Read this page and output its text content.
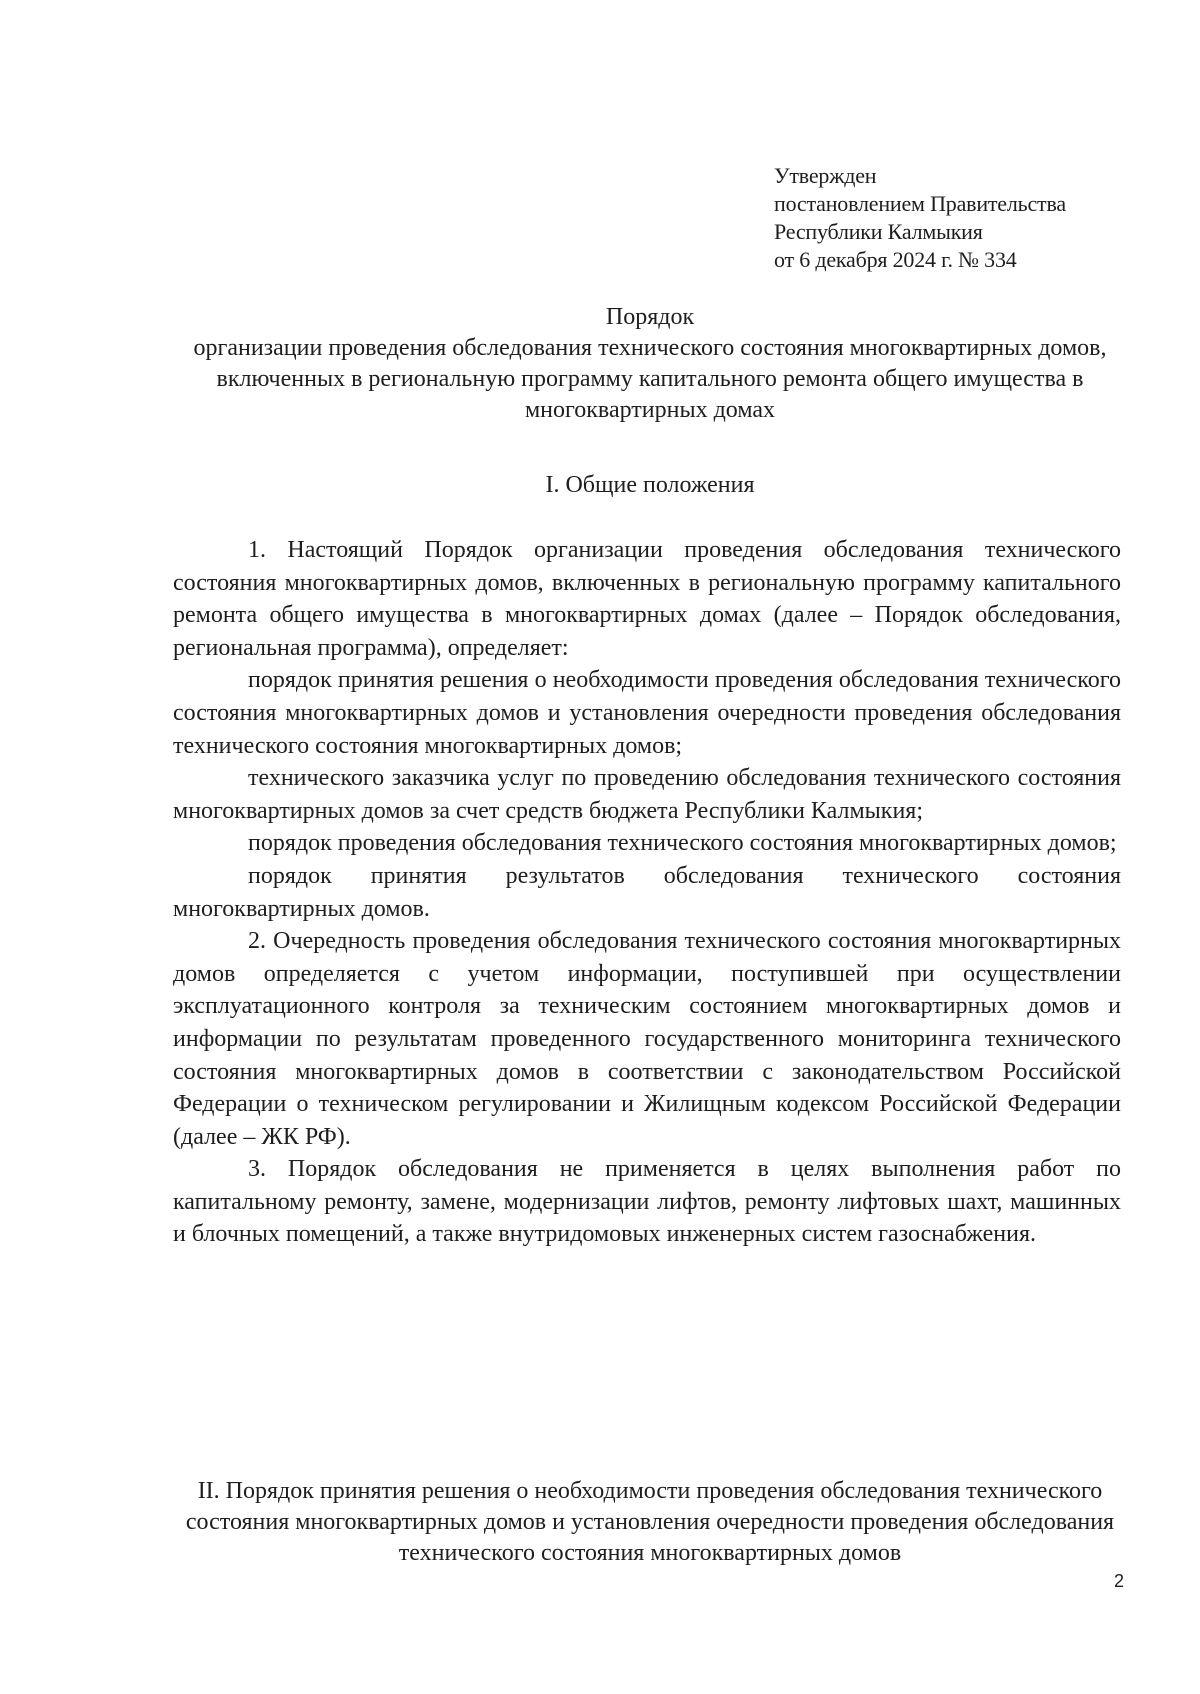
Утвержден
постановлением Правительства
Республики Калмыкия
от 6 декабря 2024 г. № 334
Порядок
организации проведения обследования технического состояния многоквартирных домов, включенных в региональную программу капитального ремонта общего имущества в многоквартирных домах
I. Общие положения

1. Настоящий Порядок организации проведения обследования технического состояния многоквартирных домов, включенных в региональную программу капитального ремонта общего имущества в многоквартирных домах (далее – Порядок обследования, региональная программа), определяет:

порядок принятия решения о необходимости проведения обследования технического состояния многоквартирных домов и установления очередности проведения обследования технического состояния многоквартирных домов;

технического заказчика услуг по проведению обследования технического состояния многоквартирных домов за счет средств бюджета Республики Калмыкия;

порядок проведения обследования технического состояния многоквартирных домов;

порядок принятия результатов обследования технического состояния многоквартирных домов.

2. Очередность проведения обследования технического состояния многоквартирных домов определяется с учетом информации, поступившей при осуществлении эксплуатационного контроля за техническим состоянием многоквартирных домов и информации по результатам проведенного государственного мониторинга технического состояния многоквартирных домов в соответствии с законодательством Российской Федерации о техническом регулировании и Жилищным кодексом Российской Федерации (далее – ЖК РФ).

3. Порядок обследования не применяется в целях выполнения работ по капитальному ремонту, замене, модернизации лифтов, ремонту лифтовых шахт, машинных и блочных помещений, а также внутридомовых инженерных систем газоснабжения.

II. Порядок принятия решения о необходимости проведения обследования технического состояния многоквартирных домов и установления очередности проведения обследования технического состояния многоквартирных домов
2
